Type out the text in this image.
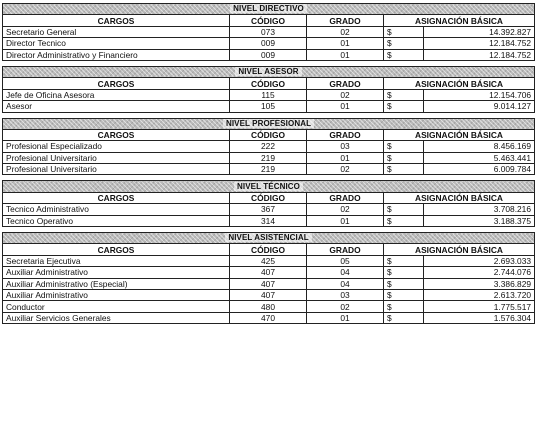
NIVEL DIRECTIVO				
CARGOS	CÓDIGO	GRADO	ASIGNACIÓN BÁSICA	
Secretario General	073	02	$	14.392.827
Director Tecnico	009	01	$	12.184.752
Director Administrativo y Financiero	009	01	$	12.184.752
NIVEL ASESOR				
CARGOS	CÓDIGO	GRADO	ASIGNACIÓN BÁSICA	
Jefe de Oficina Asesora	115	02	$	12.154.706
Asesor	105	01	$	9.014.127
NIVEL PROFESIONAL				
CARGOS	CÓDIGO	GRADO	ASIGNACIÓN BÁSICA	
Profesional Especializado	222	03	$	8.456.169
Profesional Universitario	219	01	$	5.463.441
Profesional Universitario	219	02	$	6.009.784
NIVEL TÉCNICO				
CARGOS	CÓDIGO	GRADO	ASIGNACIÓN BÁSICA	
Tecnico Administrativo	367	02	$	3.708.216
Tecnico Operativo	314	01	$	3.188.375
NIVEL ASISTENCIAL				
CARGOS	CÓDIGO	GRADO	ASIGNACIÓN BÁSICA	
Secretaria Ejecutiva	425	05	$	2.693.033
Auxiliar Administrativo	407	04	$	2.744.076
Auxiliar Administrativo (Especial)	407	04	$	3.386.829
Auxiliar Administrativo	407	03	$	2.613.720
Conductor	480	02	$	1.775.517
Auxiliar Servicios Generales	470	01	$	1.576.304
